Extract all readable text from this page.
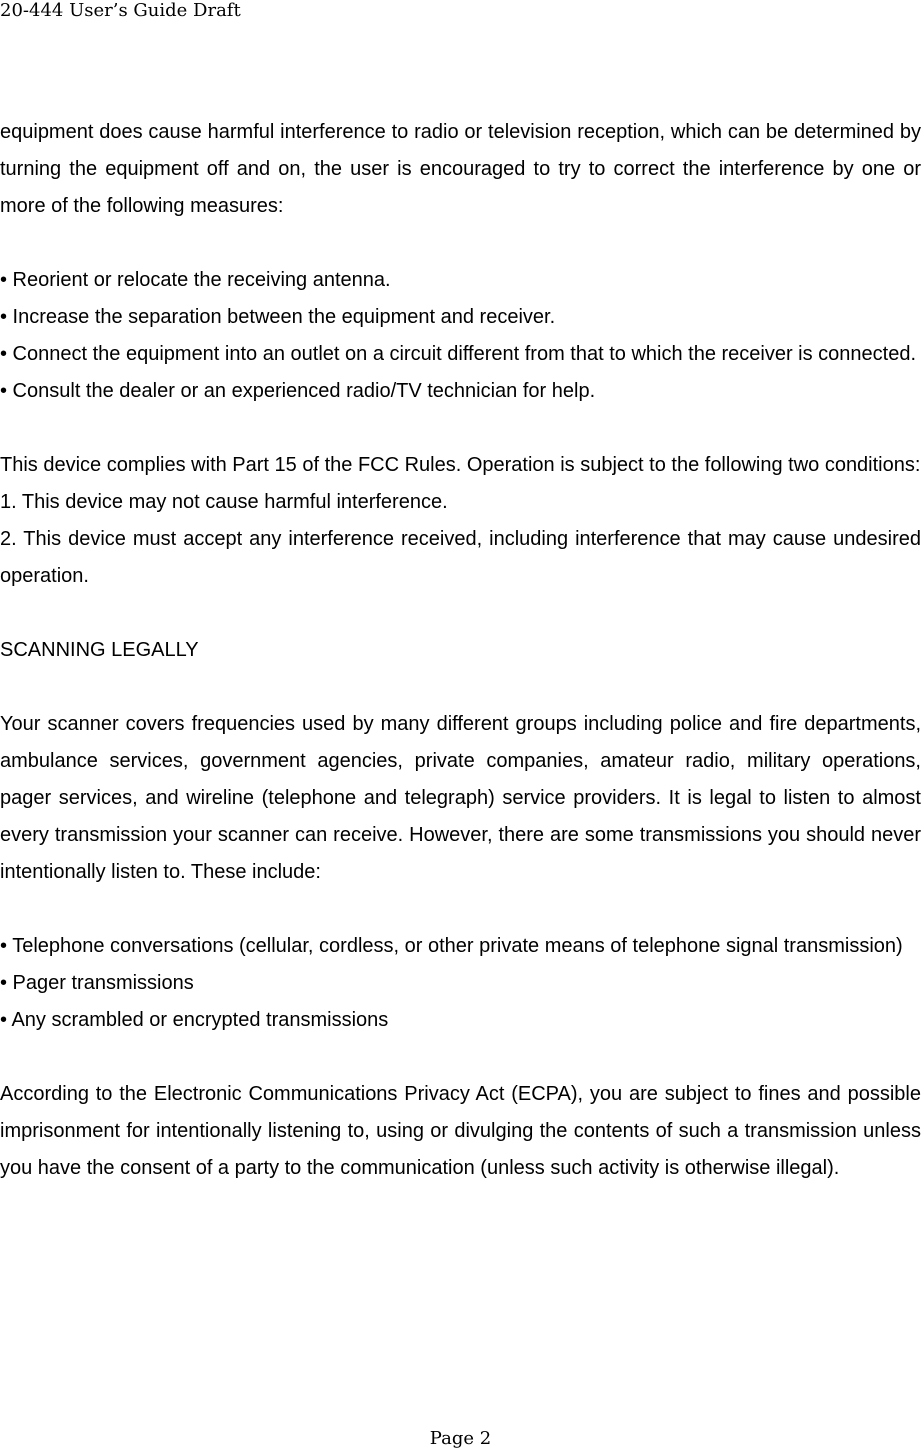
20-444 User’s Guide Draft

equipment does cause harmful interference to radio or television reception, which can be determined by turning the equipment off and on, the user is encouraged to try to correct the interference by one or more of the following measures:

• Reorient or relocate the receiving antenna.

• Increase the separation between the equipment and receiver.

• Connect the equipment into an outlet on a circuit different from that to which the receiver is connected.

• Consult the dealer or an experienced radio/TV technician for help.

This device complies with Part 15 of the FCC Rules. Operation is subject to the following two conditions:

1. This device may not cause harmful interference.

2. This device must accept any interference received, including interference that may cause undesired operation.

SCANNING LEGALLY

Your scanner covers frequencies used by many different groups including police and fire departments, ambulance services, government agencies, private companies, amateur radio, military operations, pager services, and wireline (telephone and telegraph) service providers. It is legal to listen to almost every transmission your scanner can receive. However, there are some transmissions you should never intentionally listen to. These include:

• Telephone conversations (cellular, cordless, or other private means of telephone signal transmission)

• Pager transmissions

• Any scrambled or encrypted transmissions

According to the Electronic Communications Privacy Act (ECPA), you are subject to fines and possible imprisonment for intentionally listening to, using or divulging the contents of such a transmission unless you have the consent of a party to the communication (unless such activity is otherwise illegal).

Page 2
